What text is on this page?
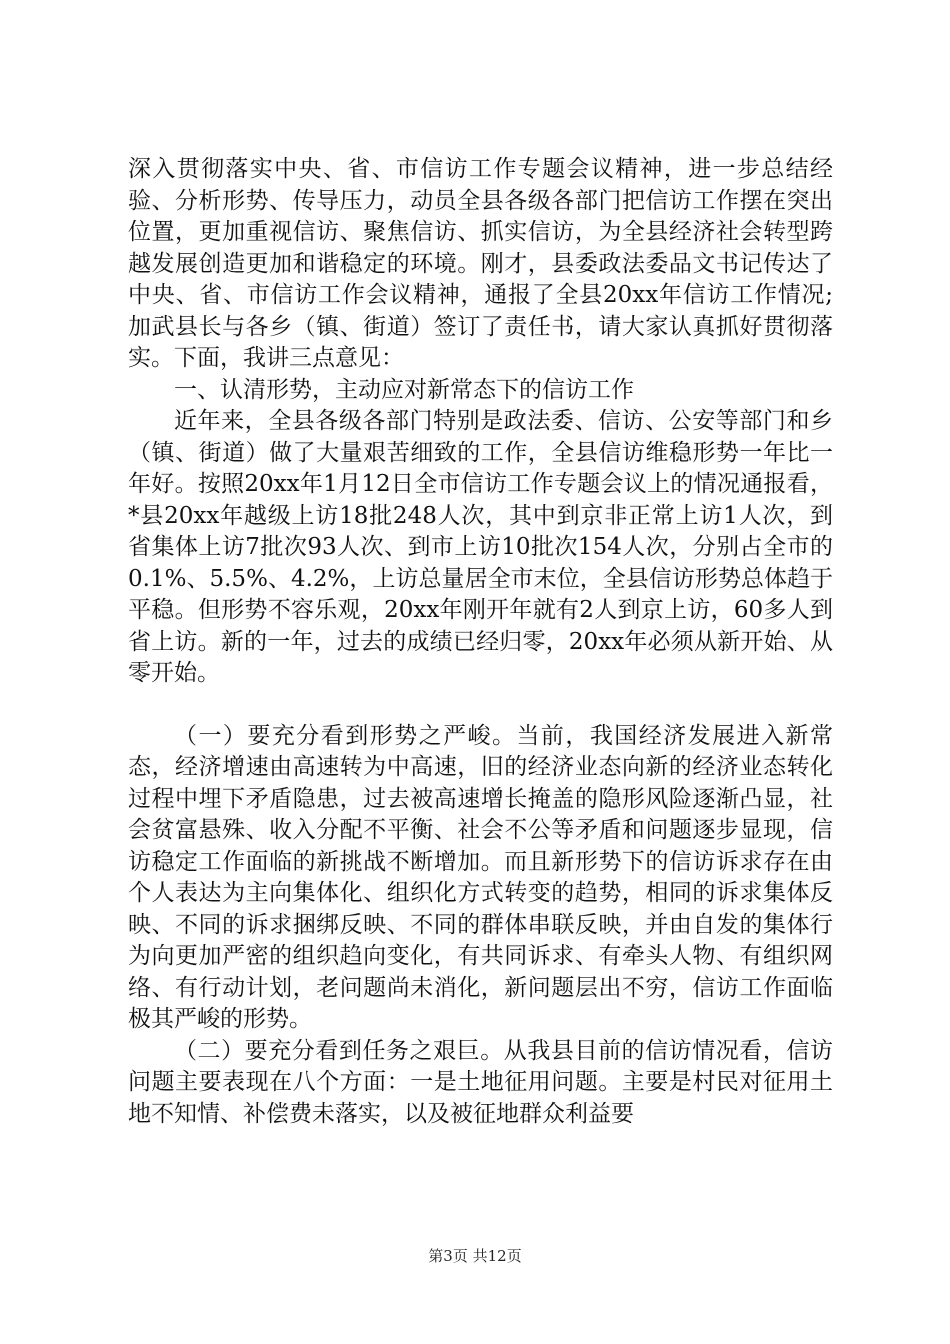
深入贯彻落实中央、省、市信访工作专题会议精神，进一步总结经验、分析形势、传导压力，动员全县各级各部门把信访工作摆在突出位置，更加重视信访、聚焦信访、抓实信访，为全县经济社会转型跨越发展创造更加和谐稳定的环境。刚才，县委政法委品文书记传达了中央、省、市信访工作会议精神，通报了全县20xx年信访工作情况;加武县长与各乡（镇、街道）签订了责任书，请大家认真抓好贯彻落实。下面，我讲三点意见：

一、认清形势，主动应对新常态下的信访工作

近年来，全县各级各部门特别是政法委、信访、公安等部门和乡（镇、街道）做了大量艰苦细致的工作，全县信访维稳形势一年比一年好。按照20xx年1月12日全市信访工作专题会议上的情况通报看，*县20xx年越级上访18批248人次，其中到京非正常上访1人次，到省集体上访7批次93人次、到市上访10批次154人次，分别占全市的0.1%、5.5%、4.2%，上访总量居全市末位，全县信访形势总体趋于平稳。但形势不容乐观，20xx年刚开年就有2人到京上访，60多人到省上访。新的一年，过去的成绩已经归零，20xx年必须从新开始、从零开始。

（一）要充分看到形势之严峻。当前，我国经济发展进入新常态，经济增速由高速转为中高速，旧的经济业态向新的经济业态转化过程中埋下矛盾隐患，过去被高速增长掩盖的隐形风险逐渐凸显，社会贫富悬殊、收入分配不平衡、社会不公等矛盾和问题逐步显现，信访稳定工作面临的新挑战不断增加。而且新形势下的信访诉求存在由个人表达为主向集体化、组织化方式转变的趋势，相同的诉求集体反映、不同的诉求捆绑反映、不同的群体串联反映，并由自发的集体行为向更加严密的组织趋向变化，有共同诉求、有牵头人物、有组织网络、有行动计划，老问题尚未消化，新问题层出不穷，信访工作面临极其严峻的形势。

（二）要充分看到任务之艰巨。从我县目前的信访情况看，信访问题主要表现在八个方面：一是土地征用问题。主要是村民对征用土地不知情、补偿费未落实，以及被征地群众利益要

第3页 共12页
